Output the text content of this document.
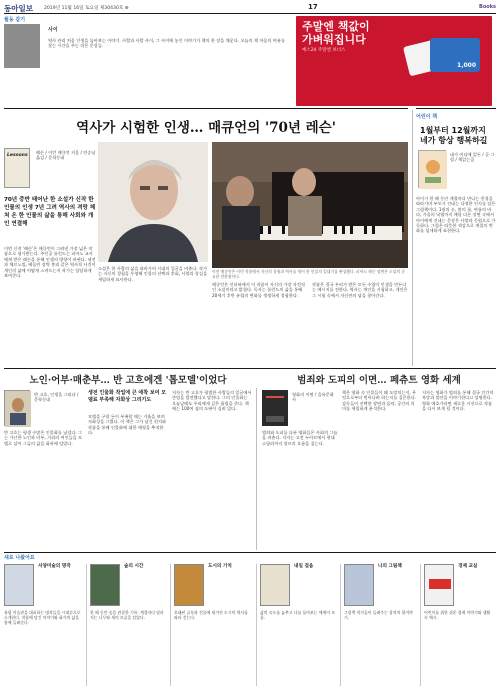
동아일보 2019년 11월 16일 토요일 제30430호 ⊕	17	Books
주말엔 책값이
가벼워집니다
예스24 주말엔 보너스
1,000
월동 같기
사이
역사 관리 처음 인생을 돌아보는 이야기. 사람과 사람 사이, 그 사이에 놓인 이야기가 책의 한 장을 채운다. 오늘의 책 마음의 여유를 찾는 시간을 주는 작은 문장들.
역사가 시험한 인생… 매큐언의 '70년 레슨'
Lessons
레슨 / 이언 매큐언 지음 / 민승남 옮김 / 문학동네
70년 중반 태어난 한 소설가 신작 한 인물의 인생 7년 그려 역사의 격랑 헤쳐 온 한 인물의 삶을 통해 사회와 개인 연결해
이번 신작 '레슨'은 매큐언이 그려낸 가장 넓은 작품으로 평가받는다. 주인공 롤런드는 피아노 교사에게 받은 레슨을 통해 인생의 방향이 바뀐다. 냉전과 체르노빌, 베를린 장벽 붕괴 같은 역사적 사건이 개인의 삶에 어떻게 스며드는지 작가는 담담하게 보여준다.
이언 매큐언은 이번 작품에서 자신의 경험과 역사를 엮어 한 인물의 일대기를 완성했다. 피아노 레슨 장면은 소설의 중요한 전환점이다.
소설은 한 사람의 삶을 따라가며 시대의 얼굴을 비춘다. 작가는 자신의 경험을 투영해 인물의 선택과 후회, 사랑과 상실을 세밀하게 묘사한다.
매큐언은 인터뷰에서 이 작품이 자신의 가장 자전적인 소설이라고 밝혔다. 독자는 롤런드의 삶을 통해 20세기 후반 유럽의 변화를 생생하게 경험한다.
작품은 결국 우리가 받은 모든 수업이 인생을 만든다는 메시지를 전한다. 역사는 개인을 시험하고, 개인은 그 시험 속에서 자신만의 답을 찾아간다.
어린이 책
1월부터 12월까지 네가 항상 행복하길
네가 어디에 있든 / 글·그림 / 책읽는곰
아이가 한 해 동안 계절마다 만나는 풍경을 따라가며 부모가 건네는 다정한 인사를 담은 그림책이다. 1월의 눈, 봄의 꽃, 여름의 바다, 가을의 낙엽까지 매달 다른 장면 속에서 아이에게 건네는 문장은 사랑과 응원으로 가득하다. 그림은 따뜻한 색감으로 계절의 변화를 섬세하게 표현한다.
노인·어부·매춘부… 반 고흐에겐 '톱모델'이었다	범죄와 도피의 이면… 페츄트 영화 세계
반 고흐, 인생을 그리다 / 문학동네
반 고흐는 평생 수많은 인물화를 남겼다. 그는 가난한 노인과 어부, 거리의 여인들을 모델로 삼아 그들의 삶을 화폭에 담았다.
생전 인물화 작업에 큰 애착 보여 모델료 부족해 자화상 그리기도
모델을 구할 돈이 부족할 때는 거울을 보며 자화상을 그렸다. 이 책은 그가 남긴 편지와 작품을 통해 인물화에 대한 애정을 추적한다.
저자는 반 고흐가 평범한 사람들의 얼굴에서 존엄을 발견했다고 말한다. 그의 인물화는 오늘날에도 우리에게 깊은 울림을 준다. 책에는 100여 점의 도판이 실려 있다.
영화의 이면 / 을유문화사
범죄와 도피를 다룬 영화들은 사회의 그늘을 비춘다. 저자는 고전 누아르에서 현대 스릴러까지 장르의 흐름을 짚는다.
책은 영화 속 인물들이 왜 도망치는지, 무엇으로부터 벗어나려 하는지를 질문한다. 감독들이 선택한 장면과 음악, 공간의 의미를 세밀하게 분석한다.
저자는 영화가 범죄를 통해 결국 인간의 욕망과 불안을 이야기한다고 설명한다. 영화 애호가라면 새로운 시선으로 작품을 다시 보게 될 것이다.
새로 나왔어요
서양미술의 명작
유럽 미술관을 대표하는 명작들을 시대순으로 소개한다. 작품에 담긴 이야기와 화가의 삶을 함께 들려준다.
숲의 시간
한 해 동안 숲을 관찰한 기록. 계절마다 달라지는 나무와 새의 모습을 담았다.
도시의 기억
오래된 골목과 건물에 새겨진 도시의 역사를 따라 걷는다.
내일 걸음
삶의 속도를 늦추고 나를 돌아보는 에세이 모음.
나의 그림책
그림책 작가들이 들려주는 창작의 뒷이야기.
경제 교실
어린이를 위한 쉬운 경제 이야기와 생활 속 예시.
